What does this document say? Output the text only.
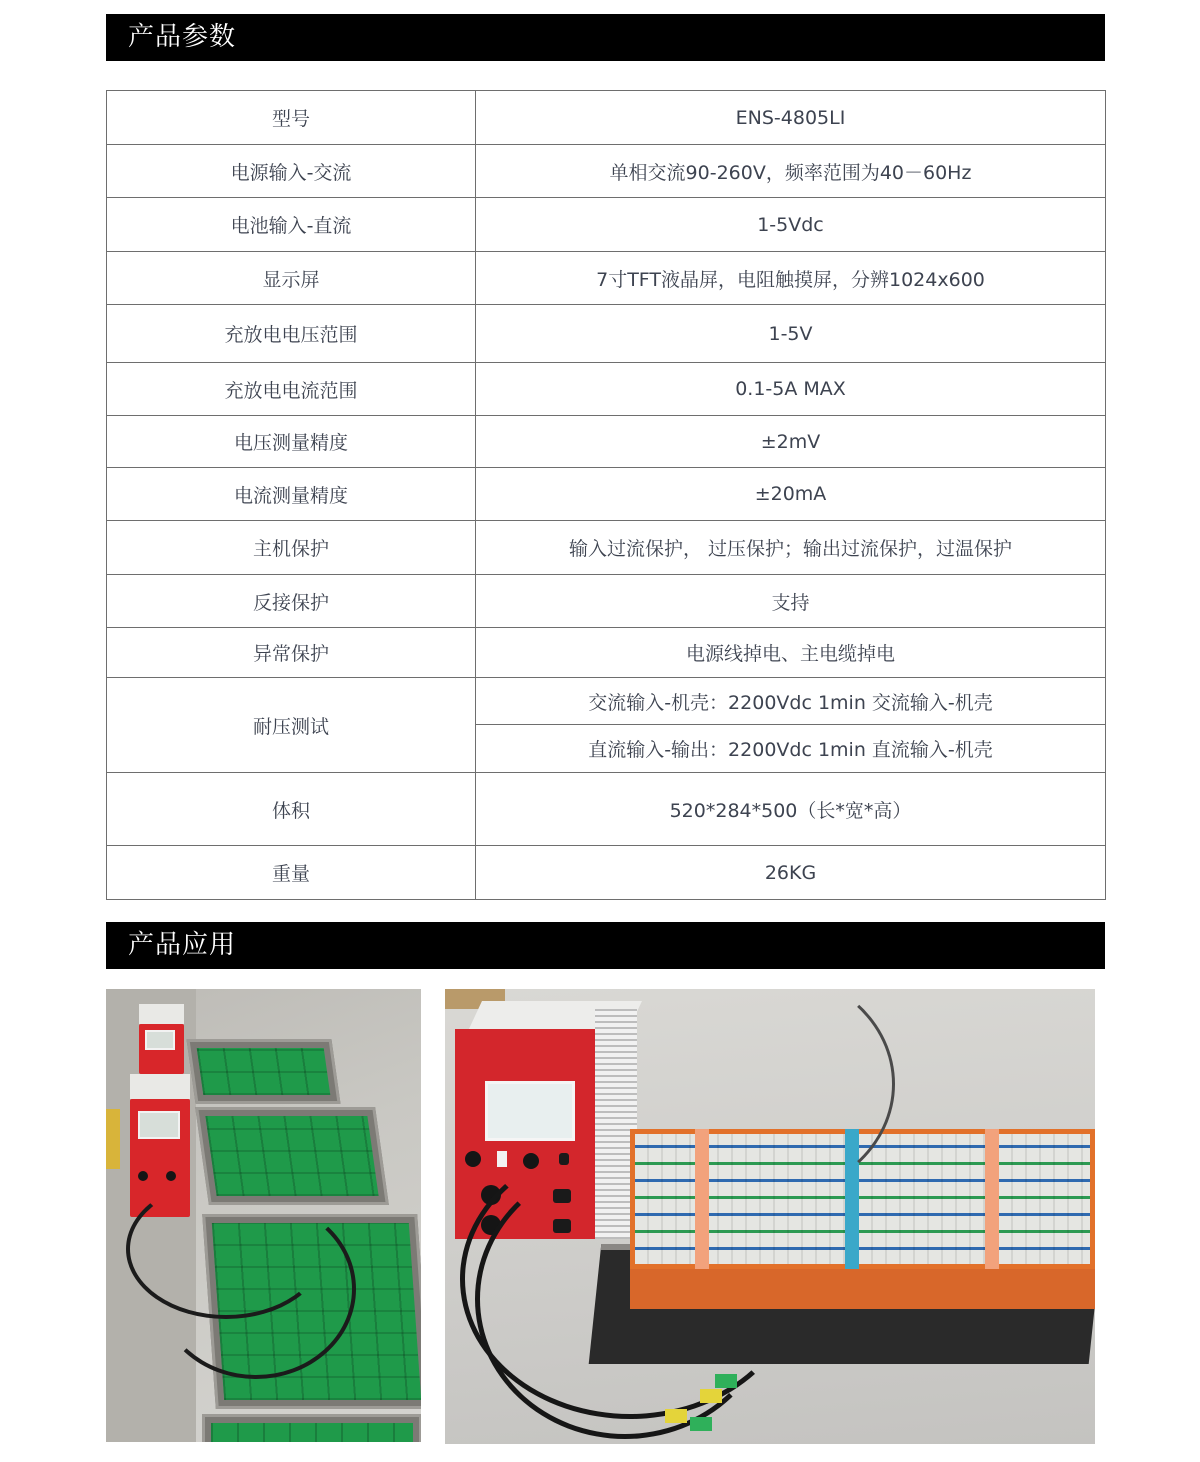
产品参数
型号	ENS-4805LI
电源输入-交流	单相交流90-260V，频率范围为40－60Hz
电池输入-直流	1-5Vdc
显示屏	7寸TFT液晶屏，电阻触摸屏，分辨1024x600
充放电电压范围	1-5V
充放电电流范围	0.1-5A MAX
电压测量精度	±2mV
电流测量精度	±20mA
主机保护	输入过流保护， 过压保护；输出过流保护，过温保护
反接保护	支持
异常保护	电源线掉电、主电缆掉电
耐压测试	交流输入-机壳：2200Vdc 1min 交流输入-机壳
	直流输入-输出：2200Vdc 1min 直流输入-机壳
体积	520*284*500（长*宽*高）
重量	26KG
产品应用
